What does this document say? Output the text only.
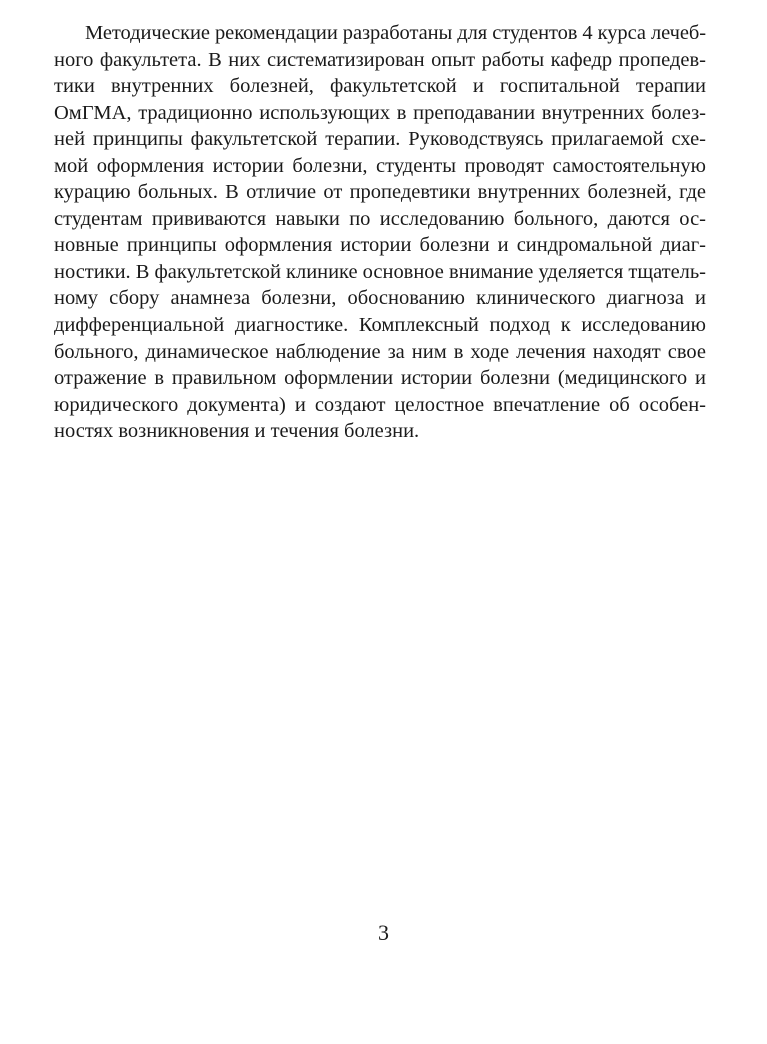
Методические рекомендации разработаны для студентов 4 курса лечеб-
ного факультета. В них систематизирован опыт работы кафедр пропедев-
тики внутренних болезней, факультетской и госпитальной терапии
ОмГМА, традиционно использующих в преподавании внутренних болез-
ней принципы факультетской терапии. Руководствуясь прилагаемой схе-
мой оформления истории болезни, студенты проводят самостоятельную
курацию больных. В отличие от пропедевтики внутренних болезней, где
студентам прививаются навыки по исследованию больного, даются ос-
новные принципы оформления истории болезни и синдромальной диаг-
ностики. В факультетской клинике основное внимание уделяется тщатель-
ному сбору анамнеза болезни, обоснованию клинического диагноза и
дифференциальной диагностике. Комплексный подход к исследованию
больного, динамическое наблюдение за ним в ходе лечения находят свое
отражение в правильном оформлении истории болезни (медицинского и
юридического документа) и создают целостное впечатление об особен-
ностях возникновения и течения болезни.
3
